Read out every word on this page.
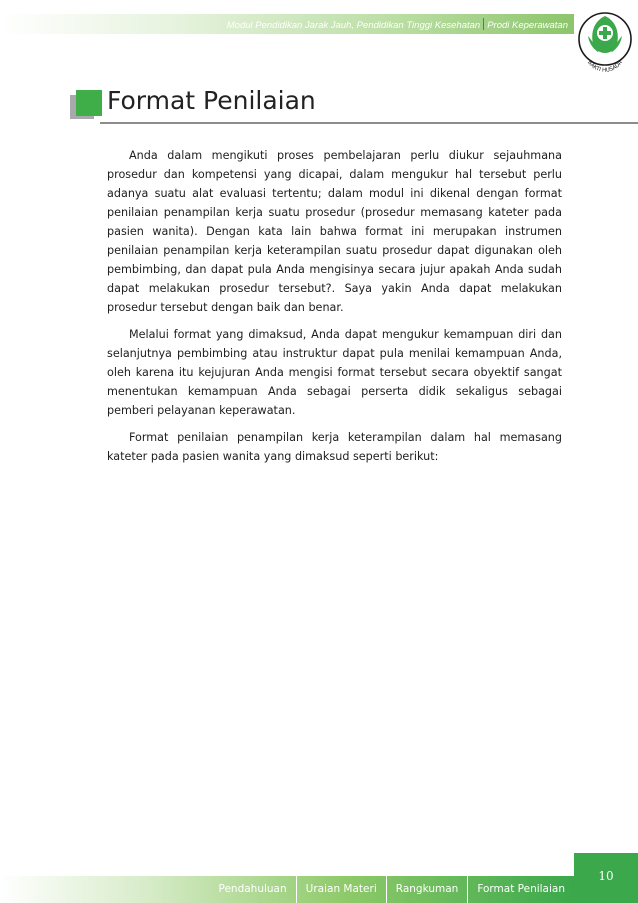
Modul Pendidikan Jarak Jauh, Pendidikan Tinggi Kesehatan Prodi Keperawatan
BAKTI HUSADA
Format Penilaian

Anda dalam mengikuti proses pembelajaran perlu diukur sejauhmana prosedur dan kompetensi yang dicapai, dalam mengukur hal tersebut perlu adanya suatu alat evaluasi tertentu; dalam modul ini dikenal dengan format penilaian penampilan kerja suatu prosedur (prosedur memasang kateter pada pasien wanita). Dengan kata lain bahwa format ini merupakan instrumen penilaian penampilan kerja keterampilan suatu prosedur dapat digunakan oleh pembimbing, dan dapat pula Anda mengisinya secara jujur apakah Anda sudah dapat melakukan prosedur tersebut?. Saya yakin Anda dapat melakukan prosedur tersebut dengan baik dan benar.

Melalui format yang dimaksud, Anda dapat mengukur kemampuan diri dan selanjutnya pembimbing atau instruktur dapat pula menilai kemampuan Anda, oleh karena itu kejujuran Anda mengisi format tersebut secara obyektif sangat menentukan kemampuan Anda sebagai perserta didik sekaligus sebagai pemberi pelayanan keperawatan.

Format penilaian penampilan kerja keterampilan dalam hal memasang kateter pada pasien wanita yang dimaksud seperti berikut:

Pendahuluan	Uraian Materi	Rangkuman	Format Penilaian
10
